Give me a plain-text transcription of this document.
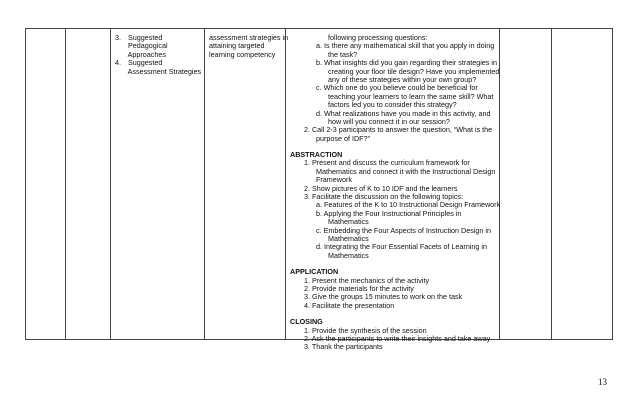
3. Suggested
Pedagogical
Approaches
4. Suggested
Assessment Strategies
assessment strategies in
attaining targeted
learning competency
following processing questions:
a. Is there any mathematical skill that you apply in doing
the task?
b. What insights did you gain regarding their strategies in
creating your floor tile design? Have you implemented
any of these strategies within your own group?
c. Which one do you believe could be beneficial for
teaching your learners to learn the same skill? What
factors led you to consider this strategy?
d. What realizations have you made in this activity, and
how will you connect it in our session?
2. Call 2-3 participants to answer the question, “What is the
purpose of IDF?”
ABSTRACTION
1. Present and discuss the curriculum framework for
Mathematics and connect it with the Instructional Design
Framework
2. Show pictures of K to 10 IDF and the learners
3. Facilitate the discussion on the following topics:
a. Features of the K to 10 Instructional Design Framework
b. Applying the Four Instructional Principles in
Mathematics
c. Embedding the Four Aspects of Instruction Design in
Mathematics
d. Integrating the Four Essential Facets of Learning in
Mathematics
APPLICATION
1. Present the mechanics of the activity
2. Provide materials for the activity
3. Give the groups 15 minutes to work on the task
4. Facilitate the presentation
CLOSING
1. Provide the synthesis of the session
2. Ask the participants to write their insights and take away
3. Thank the participants
13
